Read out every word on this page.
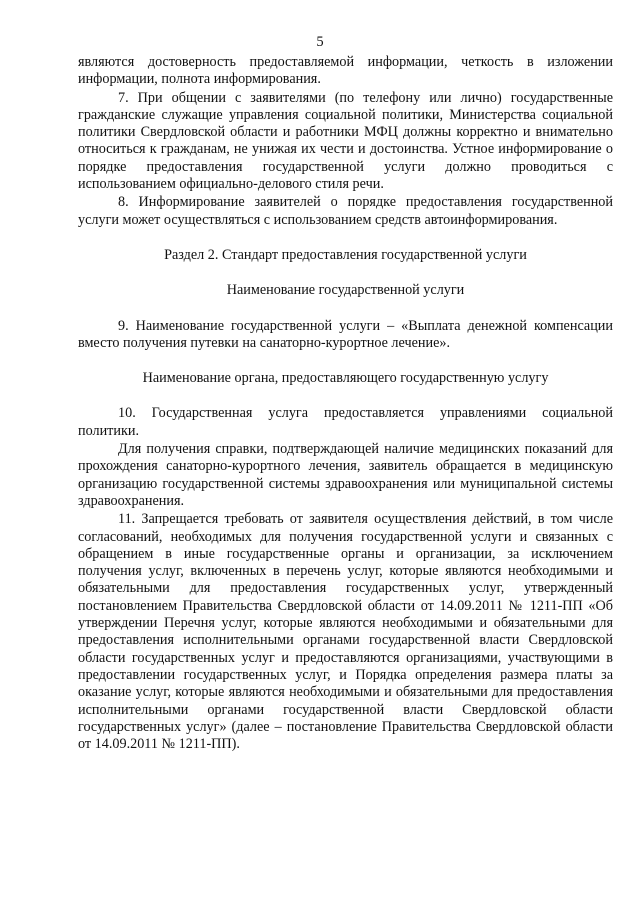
5

являются достоверность предоставляемой информации, четкость в изложении информации, полнота информирования.

7. При общении с заявителями (по телефону или лично) государственные гражданские служащие управления социальной политики, Министерства социальной политики Свердловской области и работники МФЦ должны корректно и внимательно относиться к гражданам, не унижая их чести и достоинства. Устное информирование о порядке предоставления государственной услуги должно проводиться с использованием официально-делового стиля речи.

8. Информирование заявителей о порядке предоставления государственной услуги может осуществляться с использованием средств автоинформирования.

Раздел 2. Стандарт предоставления государственной услуги

Наименование государственной услуги

9. Наименование государственной услуги – «Выплата денежной компенсации вместо получения путевки на санаторно-курортное лечение».

Наименование органа, предоставляющего государственную услугу

10. Государственная услуга предоставляется управлениями социальной политики.

Для получения справки, подтверждающей наличие медицинских показаний для прохождения санаторно-курортного лечения, заявитель обращается в медицинскую организацию государственной системы здравоохранения или муниципальной системы здравоохранения.

11. Запрещается требовать от заявителя осуществления действий, в том числе согласований, необходимых для получения государственной услуги и связанных с обращением в иные государственные органы и организации, за исключением получения услуг, включенных в перечень услуг, которые являются необходимыми и обязательными для предоставления государственных услуг, утвержденный постановлением Правительства Свердловской области от 14.09.2011 № 1211-ПП «Об утверждении Перечня услуг, которые являются необходимыми и обязательными для предоставления исполнительными органами государственной власти Свердловской области государственных услуг и предоставляются организациями, участвующими в предоставлении государственных услуг, и Порядка определения размера платы за оказание услуг, которые являются необходимыми и обязательными для предоставления исполнительными органами государственной власти Свердловской области государственных услуг» (далее – постановление Правительства Свердловской области от 14.09.2011 № 1211-ПП).
